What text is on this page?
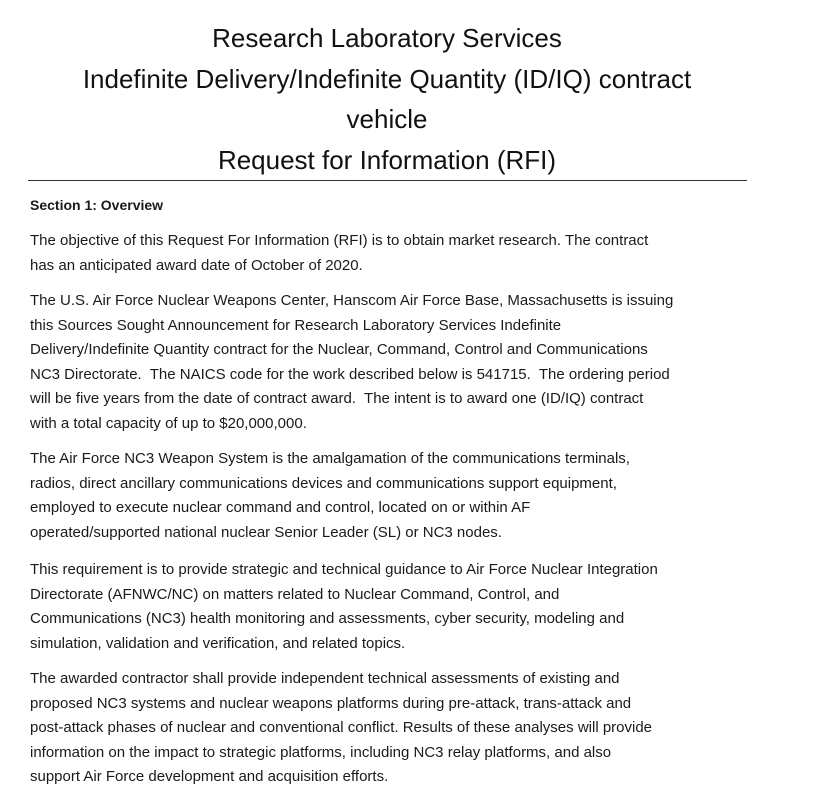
Research Laboratory Services
Indefinite Delivery/Indefinite Quantity (ID/IQ) contract
vehicle
Request for Information (RFI)
Section 1: Overview
The objective of this Request For Information (RFI) is to obtain market research. The contract
has an anticipated award date of October of 2020.
The U.S. Air Force Nuclear Weapons Center, Hanscom Air Force Base, Massachusetts is issuing
this Sources Sought Announcement for Research Laboratory Services Indefinite
Delivery/Indefinite Quantity contract for the Nuclear, Command, Control and Communications
NC3 Directorate.  The NAICS code for the work described below is 541715.  The ordering period
will be five years from the date of contract award.  The intent is to award one (ID/IQ) contract
with a total capacity of up to $20,000,000.
The Air Force NC3 Weapon System is the amalgamation of the communications terminals,
radios, direct ancillary communications devices and communications support equipment,
employed to execute nuclear command and control, located on or within AF
operated/supported national nuclear Senior Leader (SL) or NC3 nodes.
This requirement is to provide strategic and technical guidance to Air Force Nuclear Integration
Directorate (AFNWC/NC) on matters related to Nuclear Command, Control, and
Communications (NC3) health monitoring and assessments, cyber security, modeling and
simulation, validation and verification, and related topics.
The awarded contractor shall provide independent technical assessments of existing and
proposed NC3 systems and nuclear weapons platforms during pre-attack, trans-attack and
post-attack phases of nuclear and conventional conflict. Results of these analyses will provide
information on the impact to strategic platforms, including NC3 relay platforms, and also
support Air Force development and acquisition efforts.
